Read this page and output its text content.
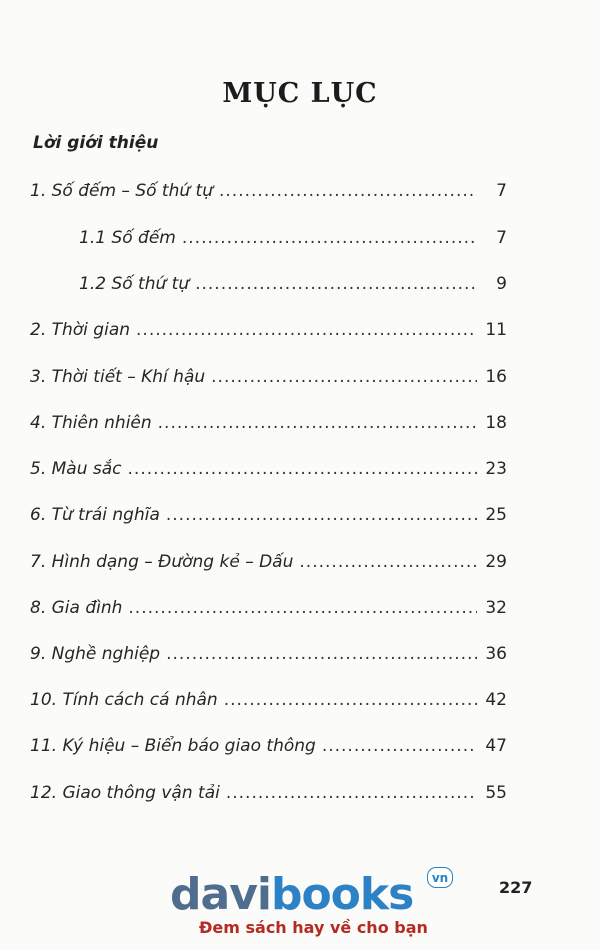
MỤC LỤC
Lời giới thiệu
1. Số đếm – Số thứ tự .....	7
1.1 Số đếm .....	7
1.2 Số thứ tự .....	9
2. Thời gian .....	11
3. Thời tiết – Khí hậu .....	16
4. Thiên nhiên .....	18
5. Màu sắc .....	23
6. Từ trái nghĩa .....	25
7. Hình dạng – Đường kẻ – Dấu .....	29
8. Gia đình .....	32
9. Nghề nghiệp .....	36
10. Tính cách cá nhân .....	42
11. Ký hiệu – Biển báo giao thông .....	47
12. Giao thông vận tải .....	55
227
davibooks	vn
Đem sách hay về cho bạn
